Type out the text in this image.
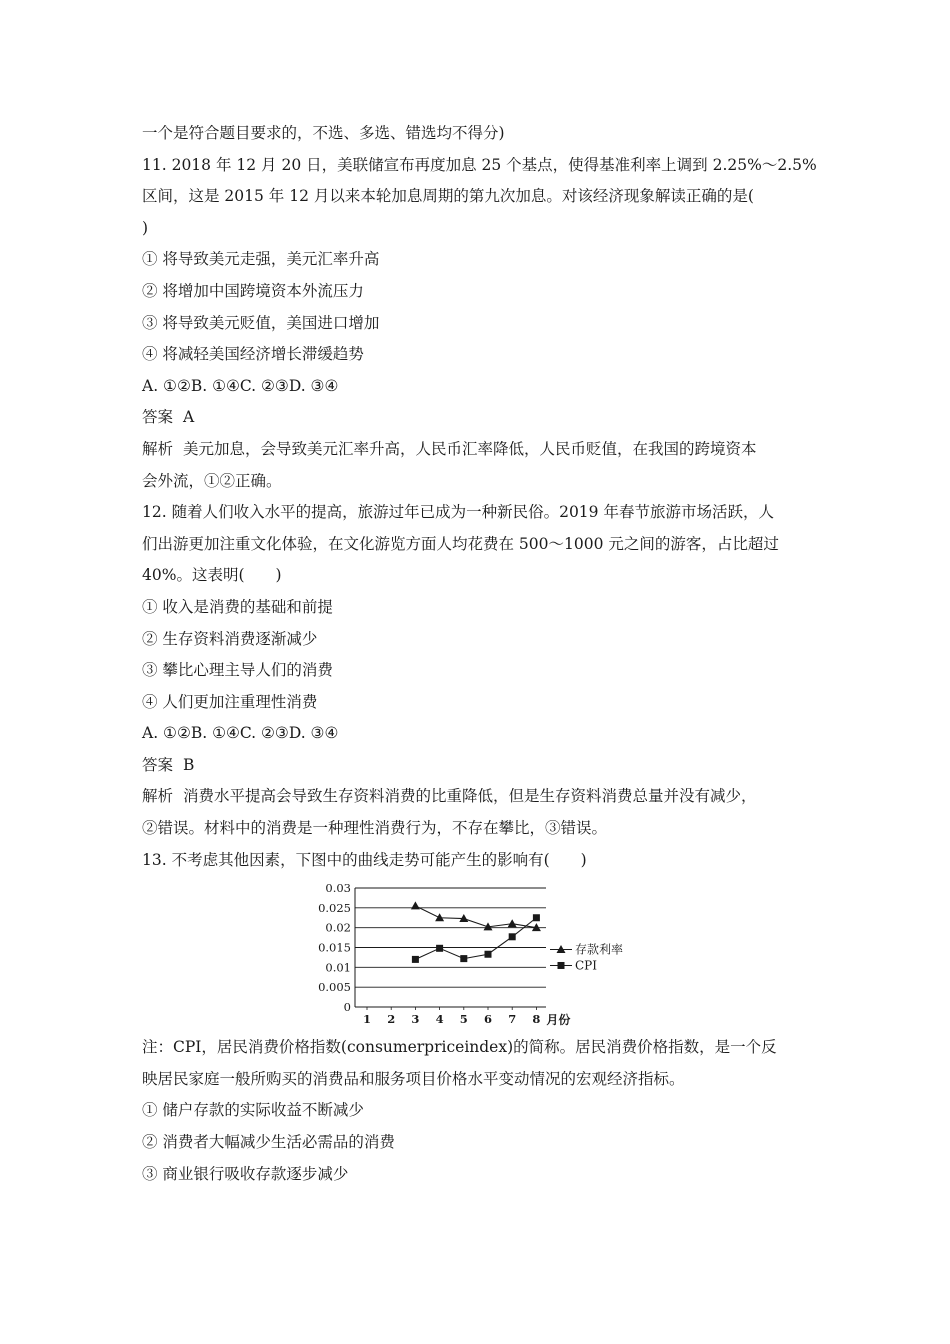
一个是符合题目要求的，不选、多选、错选均不得分)
11. 2018 年 12 月 20 日，美联储宣布再度加息 25 个基点，使得基准利率上调到 2.25%～2.5%
区间，这是 2015 年 12 月以来本轮加息周期的第九次加息。对该经济现象解读正确的是(
)
① 将导致美元走强，美元汇率升高
② 将增加中国跨境资本外流压力
③ 将导致美元贬值，美国进口增加
④ 将减轻美国经济增长滞缓趋势
A. ①②B. ①④C. ②③D. ③④
答案 A
解析 美元加息，会导致美元汇率升高，人民币汇率降低，人民币贬值，在我国的跨境资本
会外流，①②正确。
12. 随着人们收入水平的提高，旅游过年已成为一种新民俗。2019 年春节旅游市场活跃，人
们出游更加注重文化体验，在文化游览方面人均花费在 500～1000 元之间的游客，占比超过
40%。这表明(　　)
① 收入是消费的基础和前提
② 生存资料消费逐渐减少
③ 攀比心理主导人们的消费
④ 人们更加注重理性消费
A. ①②B. ①④C. ②③D. ③④
答案 B
解析 消费水平提高会导致生存资料消费的比重降低，但是生存资料消费总量并没有减少，
②错误。材料中的消费是一种理性消费行为，不存在攀比，③错误。
13. 不考虑其他因素，下图中的曲线走势可能产生的影响有(　　)
0
0.005
0.01
0.015
0.02
0.025
0.03
1 2 3 4 5 6 7 8 月份
存款利率
CPI
注：CPI，居民消费价格指数(consumerpriceindex)的简称。居民消费价格指数，是一个反
映居民家庭一般所购买的消费品和服务项目价格水平变动情况的宏观经济指标。
① 储户存款的实际收益不断减少
② 消费者大幅减少生活必需品的消费
③ 商业银行吸收存款逐步减少
